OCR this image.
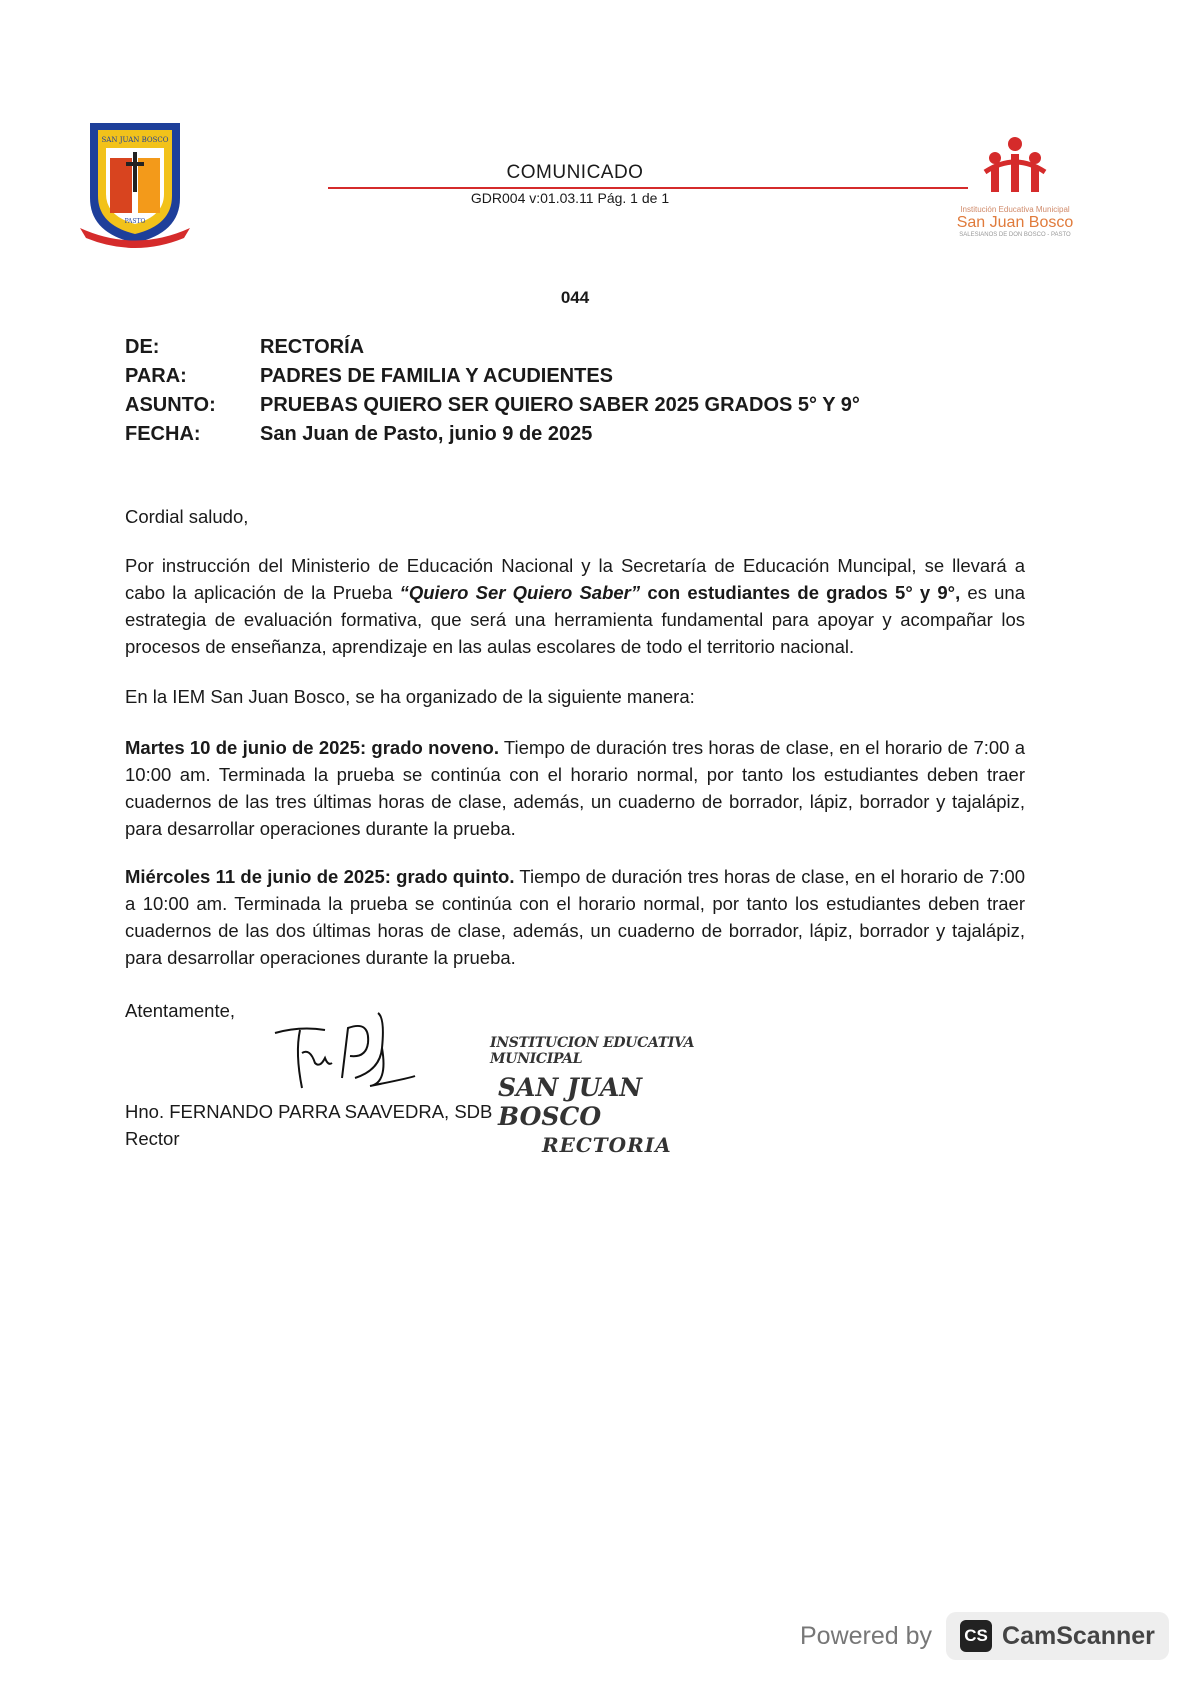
SAN JUAN BOSCO
PASTO
Institución Educativa Municipal
San Juan Bosco
SALESIANOS DE DON BOSCO - PASTO
COMUNICADO
GDR004 v:01.03.11 Pág. 1 de 1
044
DE:	RECTORÍA
PARA:	PADRES DE FAMILIA Y ACUDIENTES
ASUNTO:	PRUEBAS QUIERO SER QUIERO SABER 2025 GRADOS 5° Y 9°
FECHA:	San Juan de Pasto, junio 9 de 2025
Cordial saludo,

Por instrucción del Ministerio de Educación Nacional y la Secretaría de Educación Muncipal, se llevará a cabo la aplicación de la Prueba “Quiero Ser Quiero Saber” con estudiantes de grados 5° y 9°, es una estrategia de evaluación formativa, que será una herramienta fundamental para apoyar y acompañar los procesos de enseñanza, aprendizaje en las aulas escolares de todo el territorio nacional.

En la IEM San Juan Bosco, se ha organizado de la siguiente manera:

Martes 10 de junio de 2025: grado noveno. Tiempo de duración tres horas de clase, en el horario de 7:00 a 10:00 am. Terminada la prueba se continúa con el horario normal, por tanto los estudiantes deben traer cuadernos de las tres últimas horas de clase, además, un cuaderno de borrador, lápiz, borrador y tajalápiz, para desarrollar operaciones durante la prueba.

Miércoles 11 de junio de 2025: grado quinto. Tiempo de duración tres horas de clase, en el horario de 7:00 a 10:00 am. Terminada la prueba se continúa con el horario normal, por tanto los estudiantes deben traer cuadernos de las dos últimas horas de clase, además, un cuaderno de borrador, lápiz, borrador y tajalápiz, para desarrollar operaciones durante la prueba.

Atentamente,
Hno. FERNANDO PARRA SAAVEDRA, SDB
Rector
INSTITUCION EDUCATIVA MUNICIPAL
SAN JUAN BOSCO
RECTORIA
Powered by CS CamScanner
